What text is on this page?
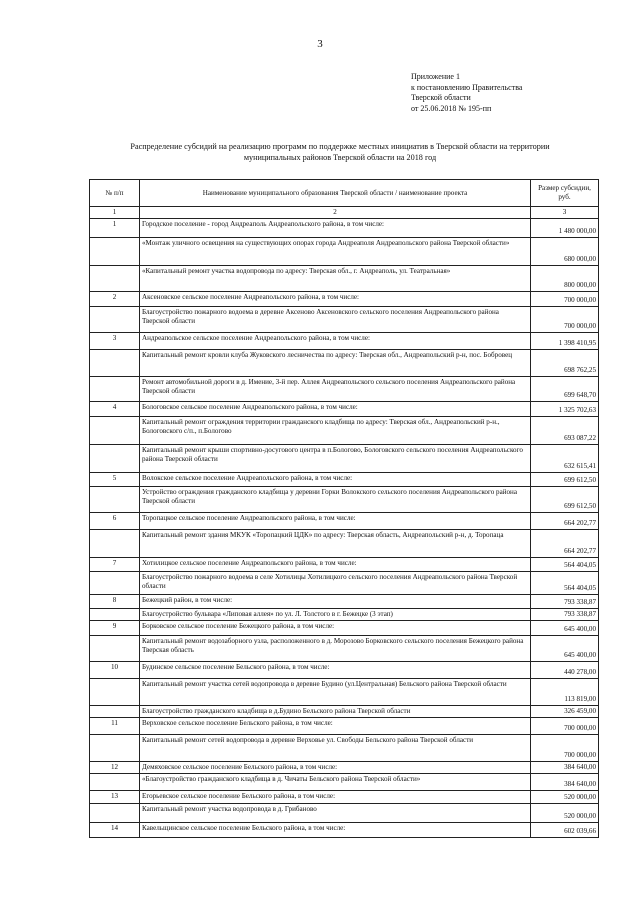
3
Приложение 1
к постановлению Правительства
Тверской области
от 25.06.2018 № 195-пп
Распределение субсидий на реализацию программ по поддержке местных инициатив в Тверской области на территории
муниципальных районов Тверской области на 2018 год
№ п/п	Наименование муниципального образования Тверской области / наименование проекта	Размер субсидии, руб.
1	2	3
1	Городское поселение - город Андреаполь Андреапольского района, в том числе:	1 480 000,00
	«Монтаж уличного освещения на существующих опорах города Андреаполя Андреапольского района Тверской области»	680 000,00
	«Капитальный ремонт участка водопровода по адресу: Тверская обл., г. Андреаполь, ул. Театральная»	800 000,00
2	Аксеновское сельское поселение Андреапольского района, в том числе:	700 000,00
	Благоустройство пожарного водоема в деревне Аксеново Аксеновского сельского поселения Андреапольского района Тверской области	700 000,00
3	Андреапольское сельское поселение Андреапольского района, в том числе:	1 398 410,95
	Капитальный ремонт кровли клуба Жуковского лесничества по адресу: Тверская обл., Андреапольский р-н, пос. Бобровец	698 762,25
	Ремонт автомобильной дороги в д. Имение, 3-й пер. Аллея Андреапольского сельского поселения Андреапольского района Тверской области	699 648,70
4	Бологовское сельское поселение Андреапольского района, в том числе:	1 325 702,63
	Капитальный ремонт ограждения территории гражданского кладбища по адресу: Тверская обл., Андреапольский р-н., Бологовского с/п., п.Бологово	693 087,22
	Капитальный ремонт крыши спортивно-досугового центра в п.Бологово, Бологовского сельского поселения Андреапольского района Тверской области	632 615,41
5	Волокское сельское поселение Андреапольского района, в том числе:	699 612,50
	Устройство ограждения гражданского кладбища у деревни Горки Волокского сельского поселения Андреапольского района Тверской области	699 612,50
6	Торопацкое сельское поселение Андреапольского района, в том числе:	664 202,77
	Капитальный ремонт здания МКУК «Торопацкий ЦДК» по адресу: Тверская область, Андреапольский р-н, д. Торопаца	664 202,77
7	Хотилицкое сельское поселение Андреапольского района, в том числе:	564 404,05
	Благоустройство пожарного водоема в селе Хотилицы Хотилицкого сельского поселения Андреапольского района Тверской области	564 404,05
8	Бежецкий район, в том числе:	793 338,87
	Благоустройство бульвара «Липовая аллея» по ул. Л. Толстого в г. Бежецке (3 этап)	793 338,87
9	Борковское сельское поселение Бежецкого района, в том числе:	645 400,00
	Капитальный ремонт водозаборного узла, расположенного в д. Морозово Борковского сельского поселения Бежецкого района Тверская область	645 400,00
10	Будинское сельское поселение Бельского района, в том числе:	440 278,00
	Капитальный ремонт участка сетей водопровода в деревне Будино (ул.Центральная) Бельского района Тверской области	113 819,00
	Благоустройство гражданского кладбища в д.Будино Бельского района Тверской области	326 459,00
11	Верховское сельское поселение Бельского района, в том числе:	700 000,00
	Капитальный ремонт сетей водопровода в деревне Верховье ул. Свободы Бельского района Тверской области	700 000,00
12	Демяховское сельское поселение Бельского района, в том числе:	384 640,00
	«Благоустройство гражданского кладбища в д. Чичаты Бельского района Тверской области»	384 640,00
13	Егорьевское сельское поселение Бельского района, в том числе:	520 000,00
	Капитальный ремонт участка водопровода в д. Грибаново	520 000,00
14	Кавельщинское сельское поселение Бельского района, в том числе:	602 039,66
